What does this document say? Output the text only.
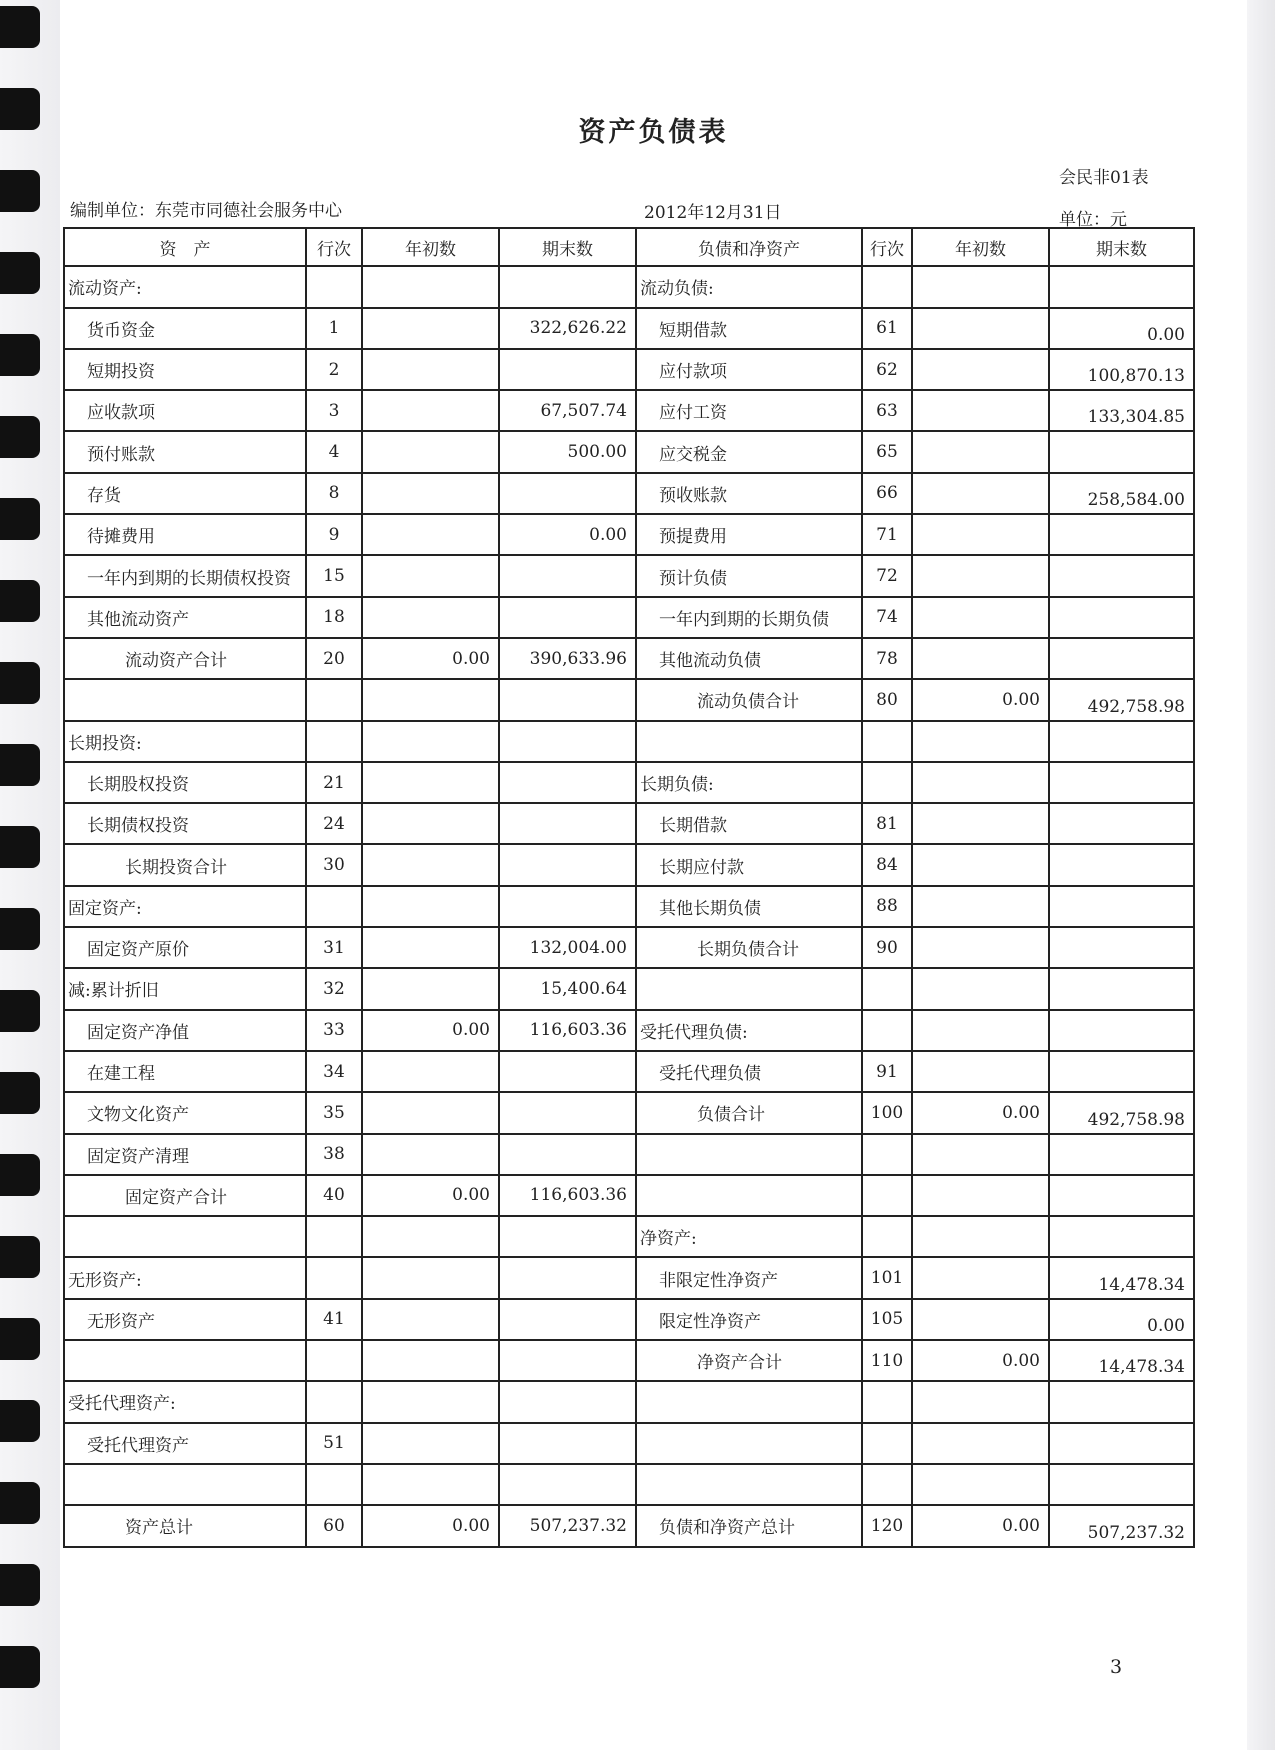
资产负债表
会民非01表
编制单位：东莞市同德社会服务中心	2012年12月31日	单位：元
资　产	行次	年初数	期末数	负债和净资产	行次	年初数	期末数
流动资产:				流动负债:			
货币资金	1		322,626.22	短期借款	61		0.00
短期投资	2			应付款项	62		100,870.13
应收款项	3		67,507.74	应付工资	63		133,304.85
预付账款	4		500.00	应交税金	65		
存货	8			预收账款	66		258,584.00
待摊费用	9		0.00	预提费用	71		
一年内到期的长期债权投资	15			预计负债	72		
其他流动资产	18			一年内到期的长期负债	74		
流动资产合计	20	0.00	390,633.96	其他流动负债	78		
				流动负债合计	80	0.00	492,758.98
长期投资:							
长期股权投资	21			长期负债:			
长期债权投资	24			长期借款	81		
长期投资合计	30			长期应付款	84		
固定资产:				其他长期负债	88		
固定资产原价	31		132,004.00	长期负债合计	90		
减:累计折旧	32		15,400.64				
固定资产净值	33	0.00	116,603.36	受托代理负债:			
在建工程	34			受托代理负债	91		
文物文化资产	35			负债合计	100	0.00	492,758.98
固定资产清理	38						
固定资产合计	40	0.00	116,603.36				
				净资产:			
无形资产:				非限定性净资产	101		14,478.34
无形资产	41			限定性净资产	105		0.00
				净资产合计	110	0.00	14,478.34
受托代理资产:							
受托代理资产	51						

资产总计	60	0.00	507,237.32	负债和净资产总计	120	0.00	507,237.32
3
